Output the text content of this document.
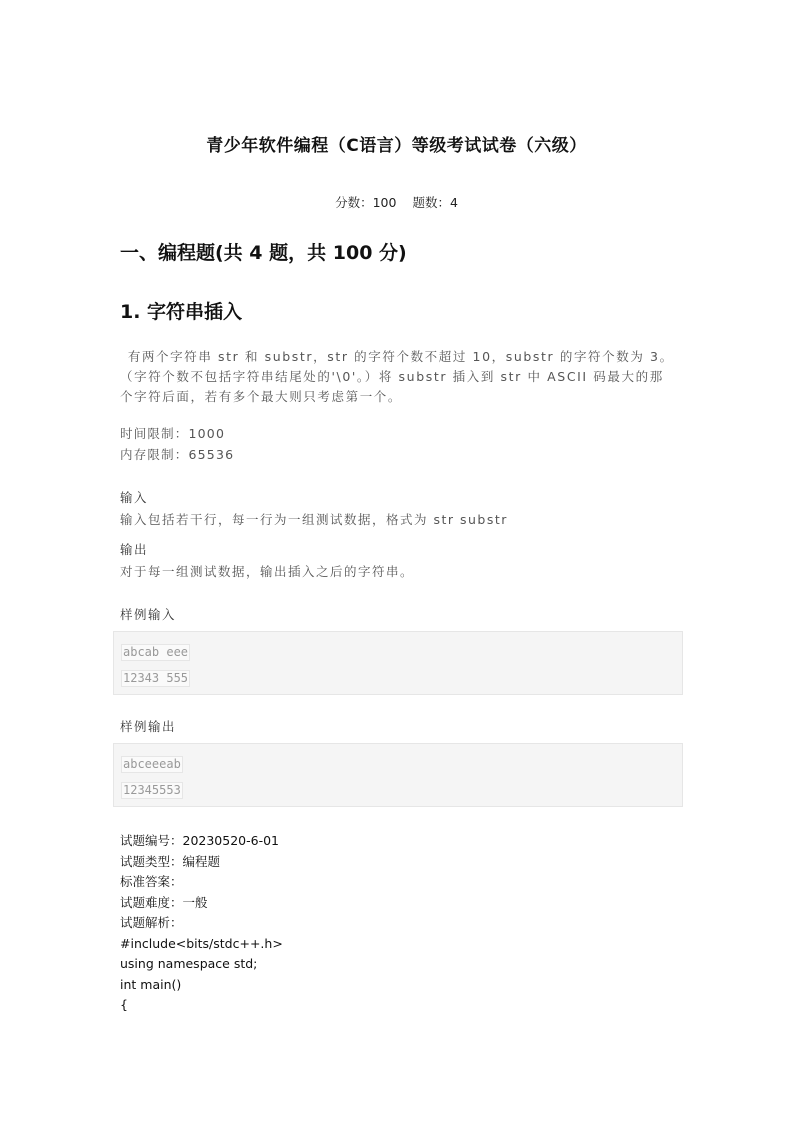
青少年软件编程（C语言）等级考试试卷（六级）
分数：100 题数：4
一、编程题(共 4 题，共 100 分)
1. 字符串插入
 有两个字符串 str 和 substr，str 的字符个数不超过 10，substr 的字符个数为 3。（字符个数不包括字符串结尾处的'\0'。）将 substr 插入到 str 中 ASCII 码最大的那个字符后面，若有多个最大则只考虑第一个。
时间限制：1000
内存限制：65536
输入
输入包括若干行，每一行为一组测试数据，格式为 str substr
输出
对于每一组测试数据，输出插入之后的字符串。
样例输入
abcab eee
12343 555
样例输出
abceeeab
12345553
试题编号：20230520-6-01
试题类型：编程题
标准答案：
试题难度：一般
试题解析：
#include<bits/stdc++.h>
using namespace std;
int main()
{
